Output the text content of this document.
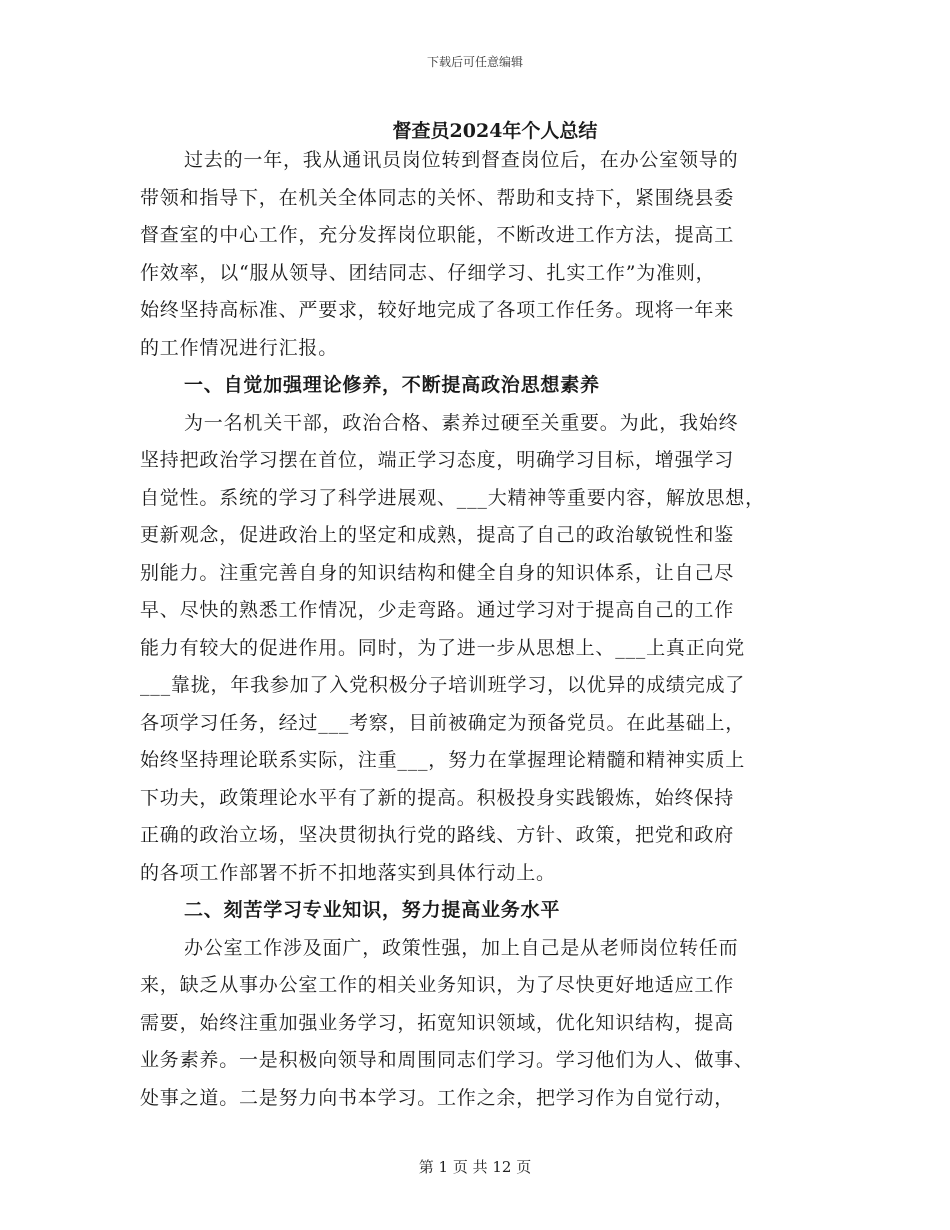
下载后可任意编辑
督查员2024年个人总结
过去的一年，我从通讯员岗位转到督查岗位后，在办公室领导的
带领和指导下，在机关全体同志的关怀、帮助和支持下，紧围绕县委
督查室的中心工作，充分发挥岗位职能，不断改进工作方法，提高工
作效率，以“服从领导、团结同志、仔细学习、扎实工作”为准则，
始终坚持高标准、严要求，较好地完成了各项工作任务。现将一年来
的工作情况进行汇报。
一、自觉加强理论修养，不断提高政治思想素养
为一名机关干部，政治合格、素养过硬至关重要。为此，我始终
坚持把政治学习摆在首位，端正学习态度，明确学习目标，增强学习
自觉性。系统的学习了科学进展观、___大精神等重要内容，解放思想，
更新观念，促进政治上的坚定和成熟，提高了自己的政治敏锐性和鉴
别能力。注重完善自身的知识结构和健全自身的知识体系，让自己尽
早、尽快的熟悉工作情况，少走弯路。通过学习对于提高自己的工作
能力有较大的促进作用。同时，为了进一步从思想上、___上真正向党
___靠拢，年我参加了入党积极分子培训班学习，以优异的成绩完成了
各项学习任务，经过___考察，目前被确定为预备党员。在此基础上，
始终坚持理论联系实际，注重___，努力在掌握理论精髓和精神实质上
下功夫，政策理论水平有了新的提高。积极投身实践锻炼，始终保持
正确的政治立场，坚决贯彻执行党的路线、方针、政策，把党和政府
的各项工作部署不折不扣地落实到具体行动上。
二、刻苦学习专业知识，努力提高业务水平
办公室工作涉及面广，政策性强，加上自己是从老师岗位转任而
来，缺乏从事办公室工作的相关业务知识，为了尽快更好地适应工作
需要，始终注重加强业务学习，拓宽知识领域，优化知识结构，提高
业务素养。一是积极向领导和周围同志们学习。学习他们为人、做事、
处事之道。二是努力向书本学习。工作之余，把学习作为自觉行动，
第 1 页 共 12 页
